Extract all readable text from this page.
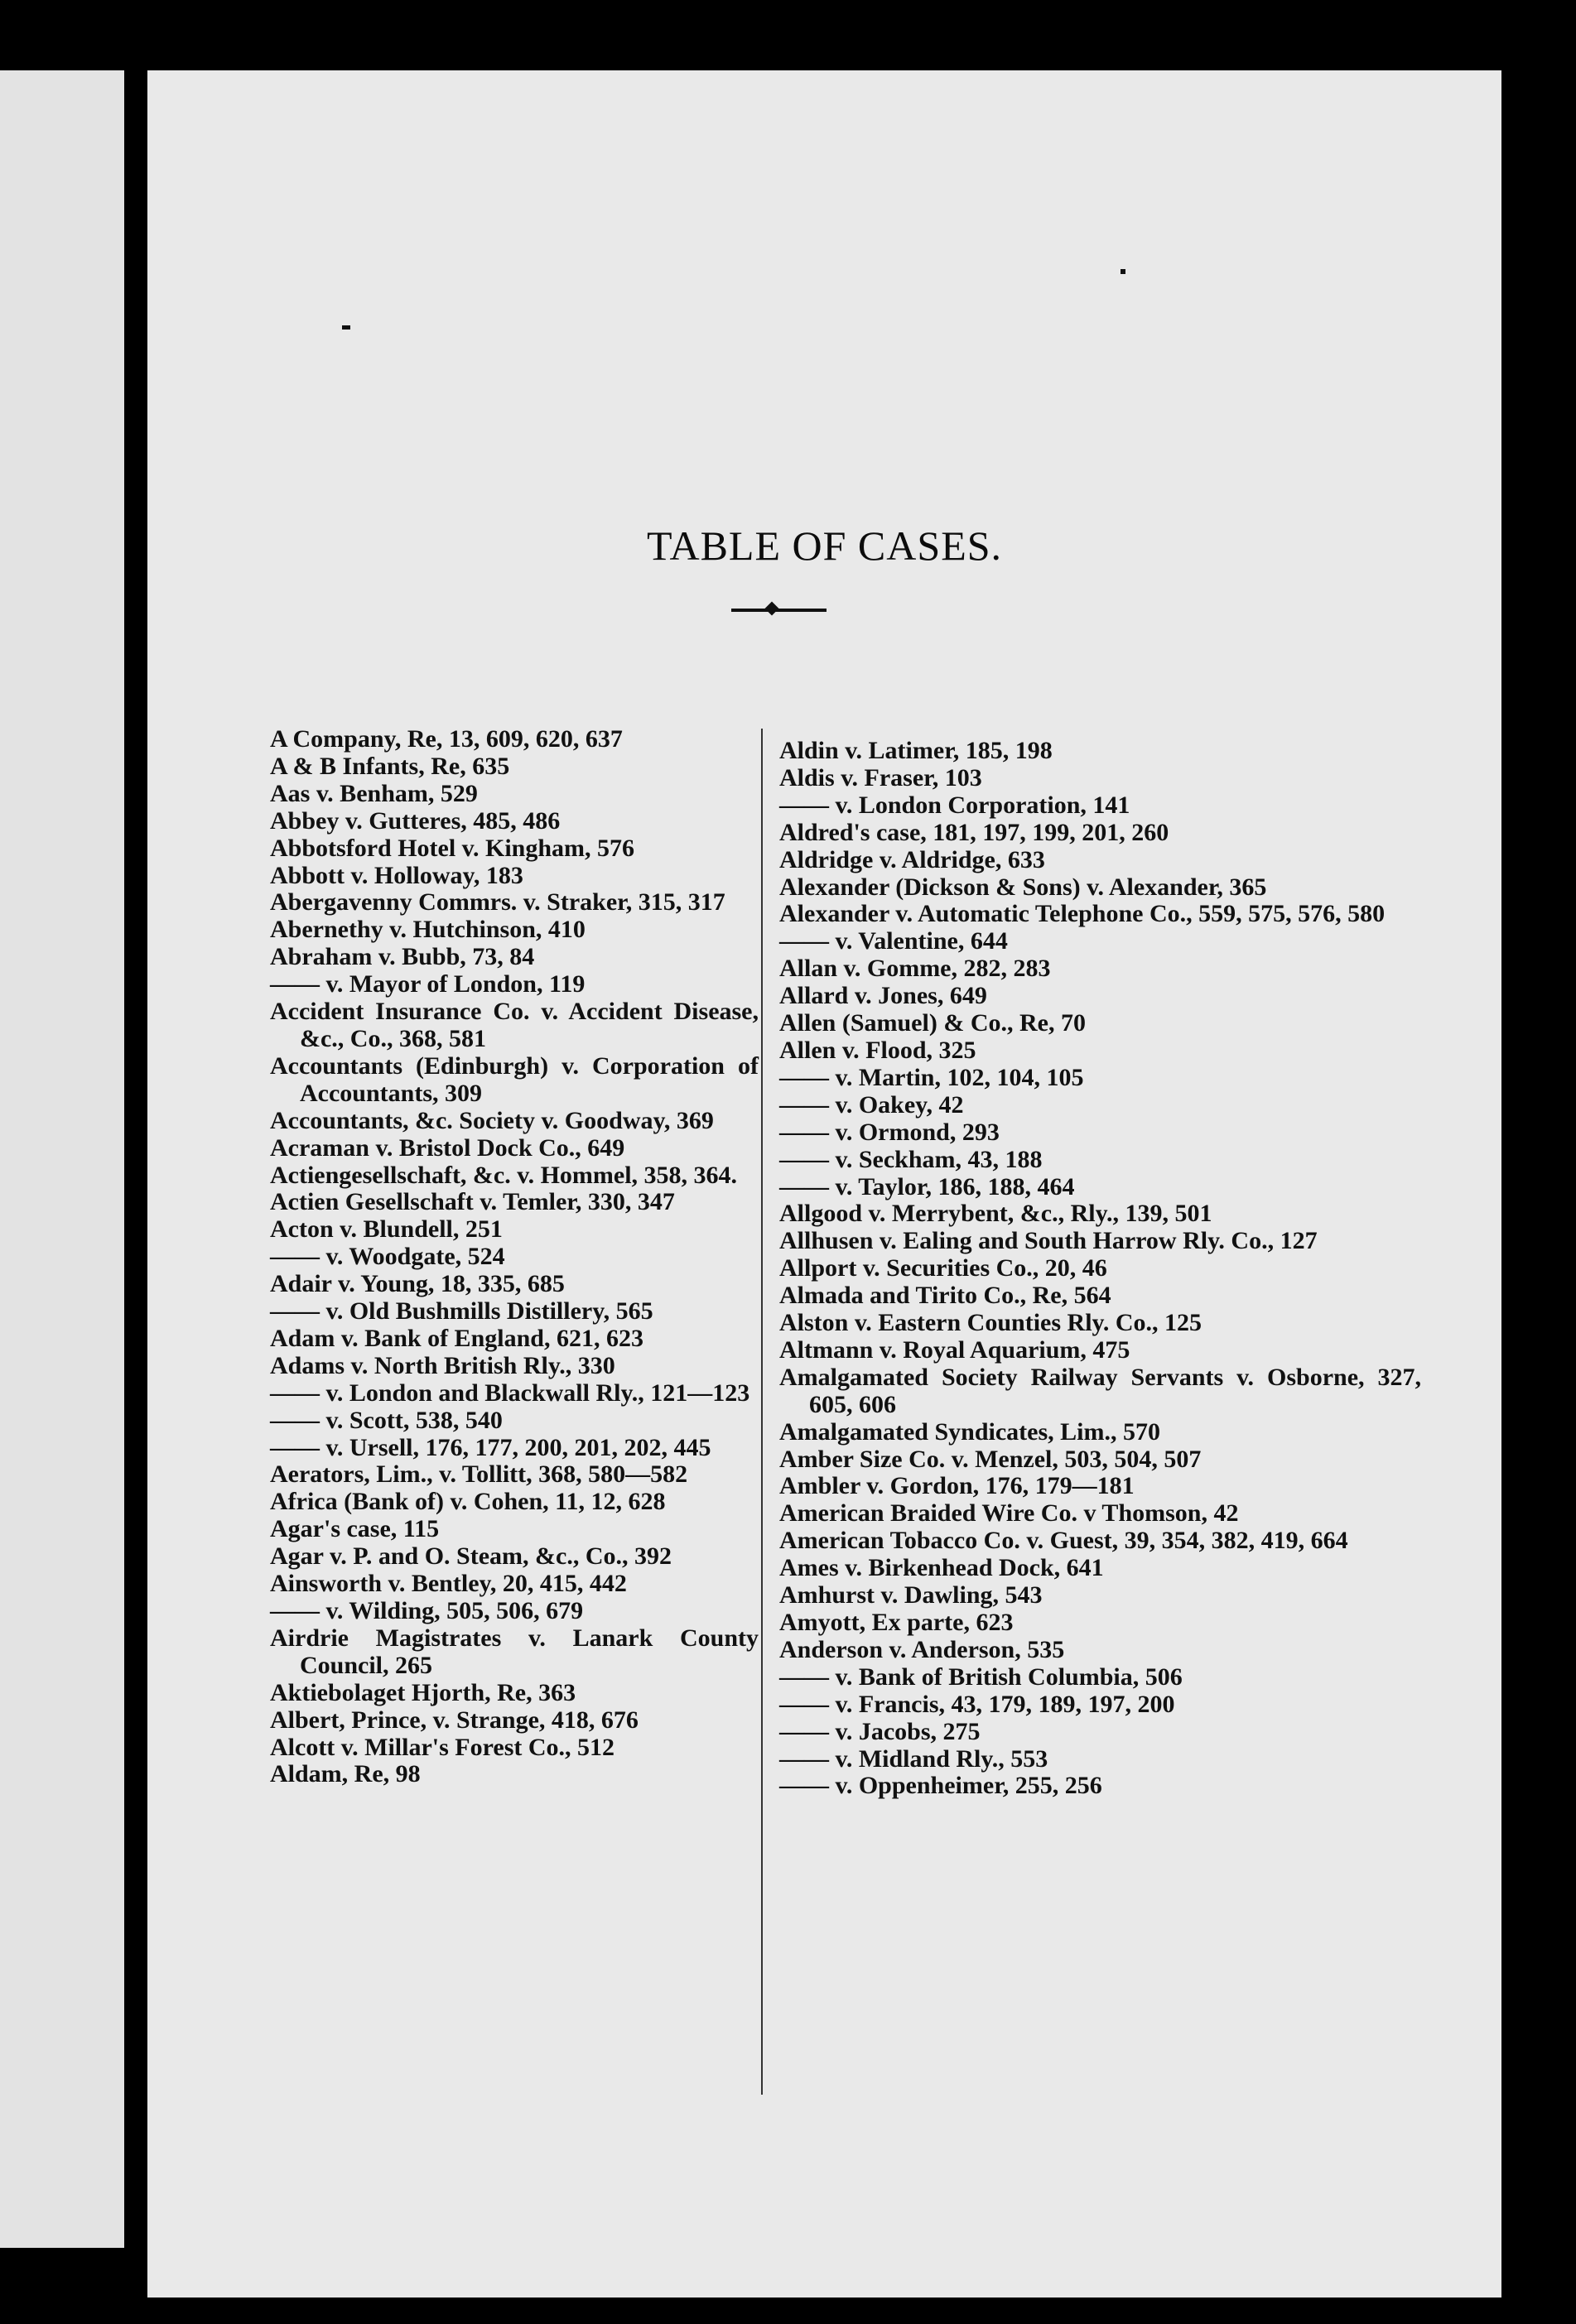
TABLE OF CASES.
A Company, Re, 13, 609, 620, 637
A & B Infants, Re, 635
Aas v. Benham, 529
Abbey v. Gutteres, 485, 486
Abbotsford Hotel v. Kingham, 576
Abbott v. Holloway, 183
Abergavenny Commrs. v. Straker, 315, 317
Abernethy v. Hutchinson, 410
Abraham v. Bubb, 73, 84
—— v. Mayor of London, 119
Accident Insurance Co. v. Accident Disease, &c., Co., 368, 581
Accountants (Edinburgh) v. Corporation of Accountants, 309
Accountants, &c. Society v. Goodway, 369
Acraman v. Bristol Dock Co., 649
Actiengesellschaft, &c. v. Hommel, 358, 364.
Actien Gesellschaft v. Temler, 330, 347
Acton v. Blundell, 251
—— v. Woodgate, 524
Adair v. Young, 18, 335, 685
—— v. Old Bushmills Distillery, 565
Adam v. Bank of England, 621, 623
Adams v. North British Rly., 330
—— v. London and Blackwall Rly., 121—123
—— v. Scott, 538, 540
—— v. Ursell, 176, 177, 200, 201, 202, 445
Aerators, Lim., v. Tollitt, 368, 580—582
Africa (Bank of) v. Cohen, 11, 12, 628
Agar's case, 115
Agar v. P. and O. Steam, &c., Co., 392
Ainsworth v. Bentley, 20, 415, 442
—— v. Wilding, 505, 506, 679
Airdrie Magistrates v. Lanark County Council, 265
Aktiebolaget Hjorth, Re, 363
Albert, Prince, v. Strange, 418, 676
Alcott v. Millar's Forest Co., 512
Aldam, Re, 98
Aldin v. Latimer, 185, 198
Aldis v. Fraser, 103
—— v. London Corporation, 141
Aldred's case, 181, 197, 199, 201, 260
Aldridge v. Aldridge, 633
Alexander (Dickson & Sons) v. Alexander, 365
Alexander v. Automatic Telephone Co., 559, 575, 576, 580
—— v. Valentine, 644
Allan v. Gomme, 282, 283
Allard v. Jones, 649
Allen (Samuel) & Co., Re, 70
Allen v. Flood, 325
—— v. Martin, 102, 104, 105
—— v. Oakey, 42
—— v. Ormond, 293
—— v. Seckham, 43, 188
—— v. Taylor, 186, 188, 464
Allgood v. Merrybent, &c., Rly., 139, 501
Allhusen v. Ealing and South Harrow Rly. Co., 127
Allport v. Securities Co., 20, 46
Almada and Tirito Co., Re, 564
Alston v. Eastern Counties Rly. Co., 125
Altmann v. Royal Aquarium, 475
Amalgamated Society Railway Servants v. Osborne, 327, 605, 606
Amalgamated Syndicates, Lim., 570
Amber Size Co. v. Menzel, 503, 504, 507
Ambler v. Gordon, 176, 179—181
American Braided Wire Co. v Thomson, 42
American Tobacco Co. v. Guest, 39, 354, 382, 419, 664
Ames v. Birkenhead Dock, 641
Amhurst v. Dawling, 543
Amyott, Ex parte, 623
Anderson v. Anderson, 535
—— v. Bank of British Columbia, 506
—— v. Francis, 43, 179, 189, 197, 200
—— v. Jacobs, 275
—— v. Midland Rly., 553
—— v. Oppenheimer, 255, 256
